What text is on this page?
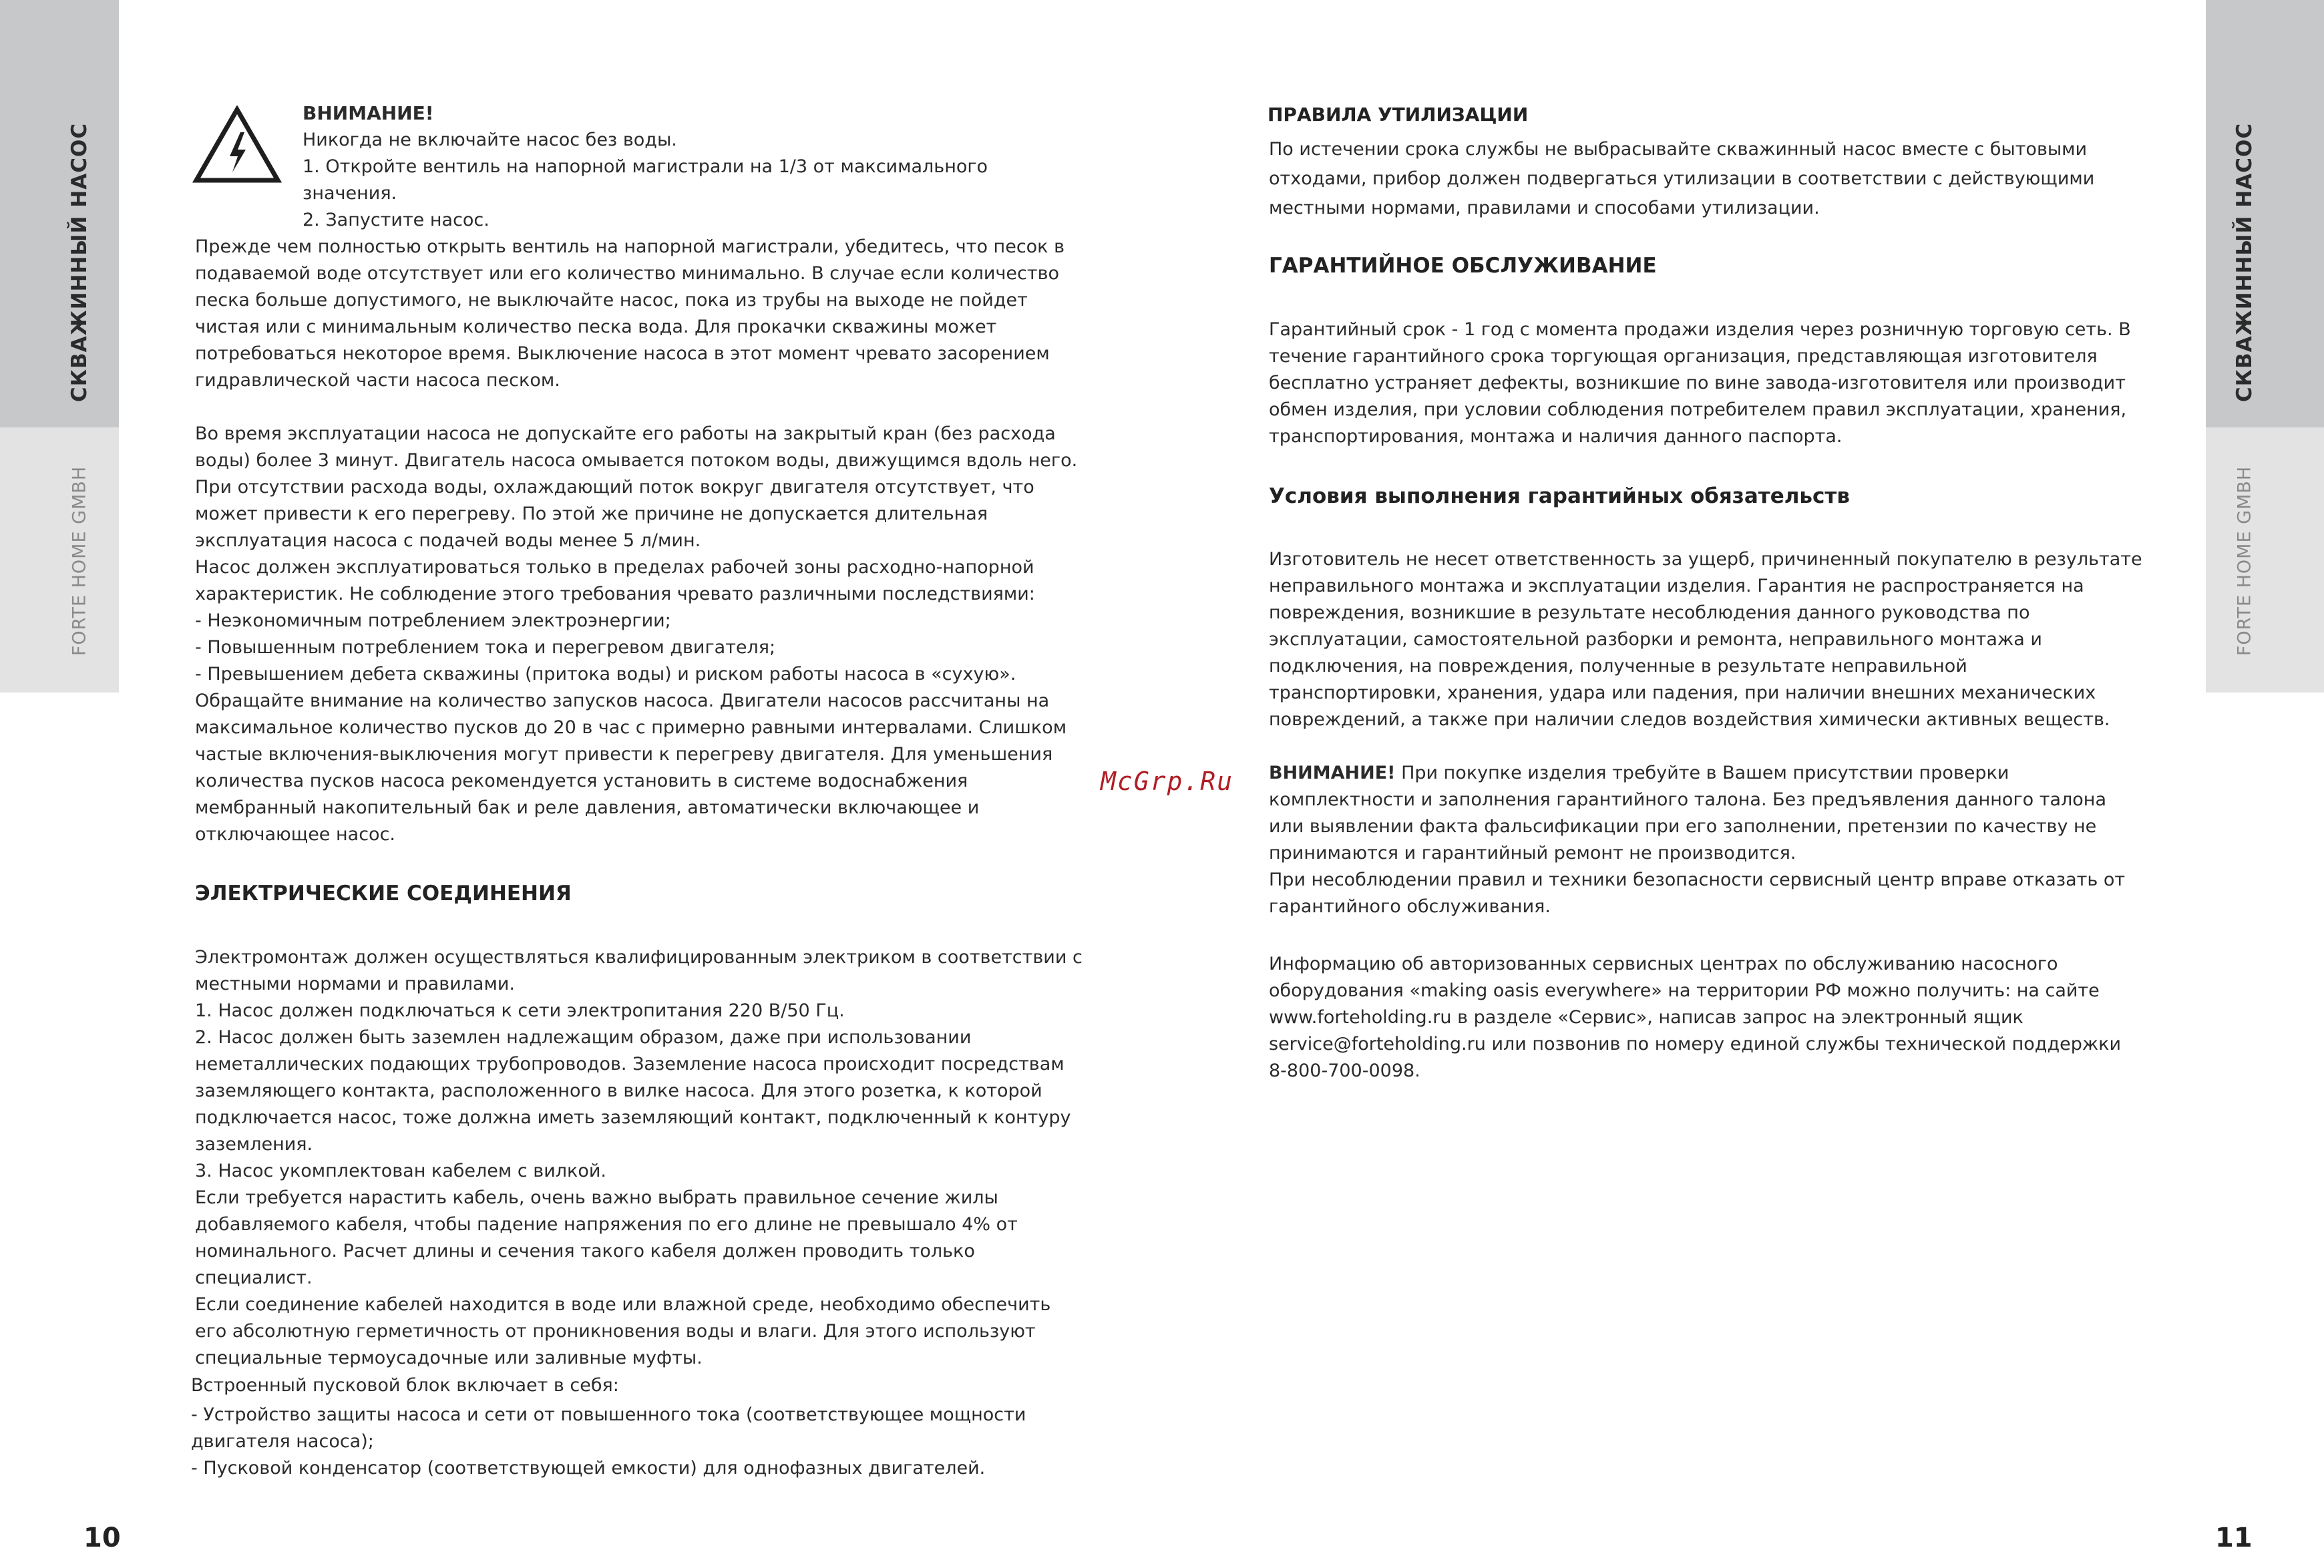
СКВАЖИННЫЙ НАСОС
FORTE HOME GMBH
СКВАЖИННЫЙ НАСОС
FORTE HOME GMBH
10	11
ВНИМАНИЕ!
Никогда не включайте насос без воды.
1. Откройте вентиль на напорной магистрали на 1/3 от максимального
значения.
2. Запустите насос.
Прежде чем полностью открыть вентиль на напорной магистрали, убедитесь, что песок в
подаваемой воде отсутствует или его количество минимально. В случае если количество
песка больше допустимого, не выключайте насос, пока из трубы на выходе не пойдет
чистая или с минимальным количество песка вода. Для прокачки скважины может
потребоваться некоторое время. Выключение насоса в этот момент чревато засорением
гидравлической части насоса песком.
Во время эксплуатации насоса не допускайте его работы на закрытый кран (без расхода
воды) более 3 минут. Двигатель насоса омывается потоком воды, движущимся вдоль него.
При отсутствии расхода воды, охлаждающий поток вокруг двигателя отсутствует, что
может привести к его перегреву. По этой же причине не допускается длительная
эксплуатация насоса с подачей воды менее 5 л/мин.
Насос должен эксплуатироваться только в пределах рабочей зоны расходно-напорной
характеристик. Не соблюдение этого требования чревато различными последствиями:
- Неэкономичным потреблением электроэнергии;
- Повышенным потреблением тока и перегревом двигателя;
- Превышением дебета скважины (притока воды) и риском работы насоса в «сухую».
Обращайте внимание на количество запусков насоса. Двигатели насосов рассчитаны на
максимальное количество пусков до 20 в час с примерно равными интервалами. Слишком
частые включения-выключения могут привести к перегреву двигателя. Для уменьшения
количества пусков насоса рекомендуется установить в системе водоснабжения
мембранный накопительный бак и реле давления, автоматически включающее и
отключающее насос.
ЭЛЕКТРИЧЕСКИЕ СОЕДИНЕНИЯ
Электромонтаж должен осуществляться квалифицированным электриком в соответствии с
местными нормами и правилами.
1. Насос должен подключаться к сети электропитания 220 В/50 Гц.
2. Насос должен быть заземлен надлежащим образом, даже при использовании
неметаллических подающих трубопроводов. Заземление насоса происходит посредствам
заземляющего контакта, расположенного в вилке насоса. Для этого розетка, к которой
подключается насос, тоже должна иметь заземляющий контакт, подключенный к контуру
заземления.
3. Насос укомплектован кабелем с вилкой.
Если требуется нарастить кабель, очень важно выбрать правильное сечение жилы
добавляемого кабеля, чтобы падение напряжения по его длине не превышало 4% от
номинального. Расчет длины и сечения такого кабеля должен проводить только
специалист.
Если соединение кабелей находится в воде или влажной среде, необходимо обеспечить
его абсолютную герметичность от проникновения воды и влаги. Для этого используют
специальные термоусадочные или заливные муфты.
Встроенный пусковой блок включает в себя:
- Устройство защиты насоса и сети от повышенного тока (соответствующее мощности
двигателя насоса);
- Пусковой конденсатор (соответствующей емкости) для однофазных двигателей.
McGrp.Ru
ПРАВИЛА УТИЛИЗАЦИИ
По истечении срока службы не выбрасывайте скважинный насос вместе с бытовыми
отходами, прибор должен подвергаться утилизации в соответствии с действующими
местными нормами, правилами и способами утилизации.
ГАРАНТИЙНОЕ ОБСЛУЖИВАНИЕ
Гарантийный срок - 1 год с момента продажи изделия через розничную торговую сеть. В
течение гарантийного срока торгующая организация, представляющая изготовителя
бесплатно устраняет дефекты, возникшие по вине завода-изготовителя или производит
обмен изделия, при условии соблюдения потребителем правил эксплуатации, хранения,
транспортирования, монтажа и наличия данного паспорта.
Условия выполнения гарантийных обязательств
Изготовитель не несет ответственность за ущерб, причиненный покупателю в результате
неправильного монтажа и эксплуатации изделия. Гарантия не распространяется на
повреждения, возникшие в результате несоблюдения данного руководства по
эксплуатации, самостоятельной разборки и ремонта, неправильного монтажа и
подключения, на повреждения, полученные в результате неправильной
транспортировки, хранения, удара или падения, при наличии внешних механических
повреждений, а также при наличии следов воздействия химически активных веществ.
ВНИМАНИЕ! При покупке изделия требуйте в Вашем присутствии проверки
комплектности и заполнения гарантийного талона. Без предъявления данного талона
или выявлении факта фальсификации при его заполнении, претензии по качеству не
принимаются и гарантийный ремонт не производится.
При несоблюдении правил и техники безопасности сервисный центр вправе отказать от
гарантийного обслуживания.
Информацию об авторизованных сервисных центрах по обслуживанию насосного
оборудования «making oasis everywhere» на территории РФ можно получить: на сайте
www.forteholding.ru в разделе «Сервис», написав запрос на электронный ящик
service@forteholding.ru или позвонив по номеру единой службы технической поддержки
8-800-700-0098.
